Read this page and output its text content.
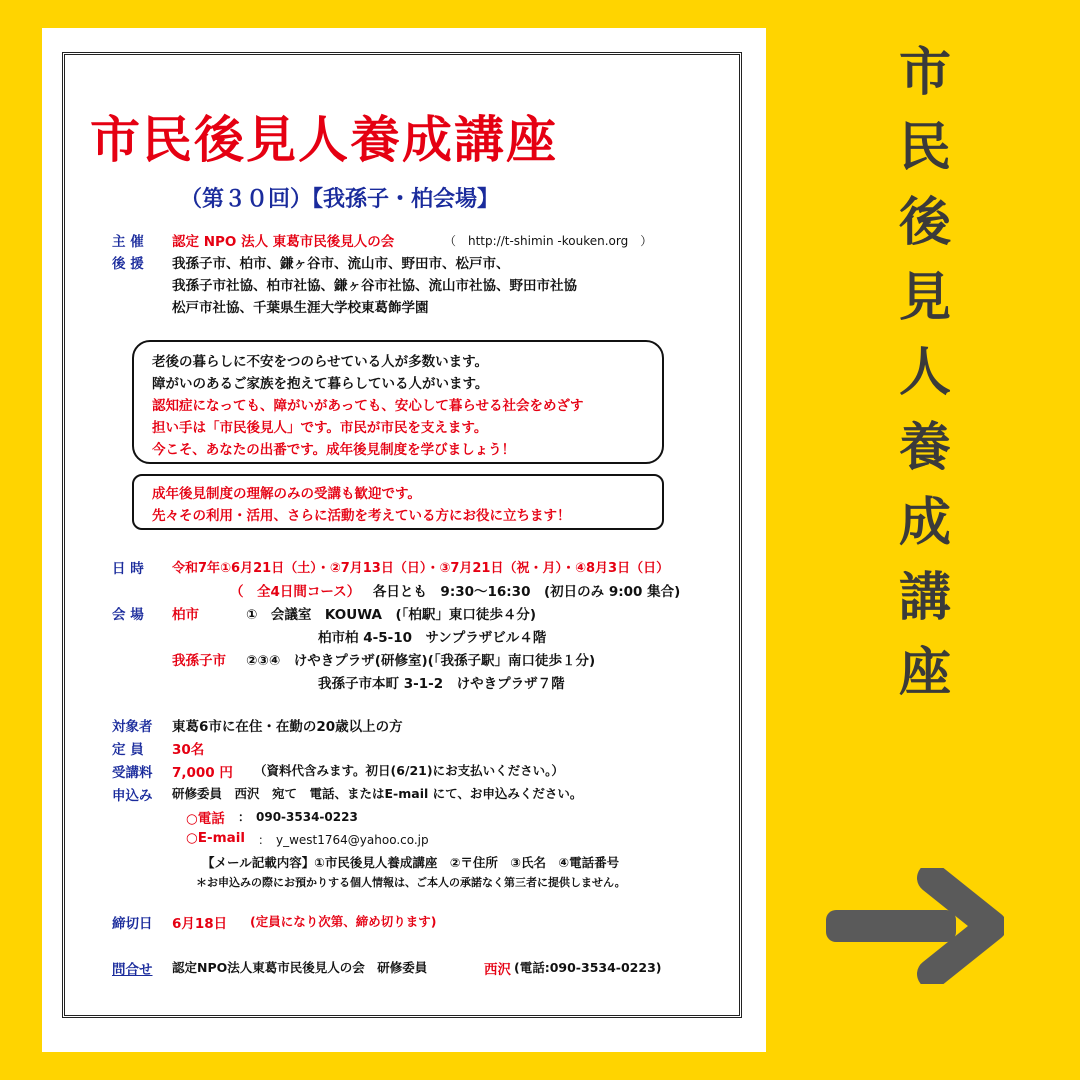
市民後見人養成講座
（第３０回）【我孫子・柏会場】
主 催 認定 NPO 法人 東葛市民後見人の会	（　http://t-shimin -kouken.org　）
後 援 我孫子市、柏市、鎌ヶ谷市、流山市、野田市、松戸市、
我孫子市社協、柏市社協、鎌ヶ谷市社協、流山市社協、野田市社協
松戸市社協、千葉県生涯大学校東葛飾学園
老後の暮らしに不安をつのらせている人が多数います。
障がいのあるご家族を抱えて暮らしている人がいます。
認知症になっても、障がいがあっても、安心して暮らせる社会をめざす
担い手は「市民後見人」です。市民が市民を支えます。
今こそ、あなたの出番です。成年後見制度を学びましょう！
成年後見制度の理解のみの受講も歓迎です。
先々その利用・活用、さらに活動を考えている方にお役に立ちます！
日 時 令和7年①6月21日（土）・②7月13日（日）・③7月21日（祝・月）・④8月3日（日）
（　全4日間コース） 各日とも　9:30～16:30　(初日のみ 9:00 集合)
会 場 柏市	①　会議室　KOUWA　(「柏駅」東口徒歩４分)
柏市柏 4-5-10　サンプラザビル４階
我孫子市 ②③④　けやきプラザ(研修室)(「我孫子駅」南口徒歩１分)
我孫子市本町 3-1-2　けやきプラザ７階
対象者 東葛6市に在住・在勤の20歳以上の方
定 員 30名
受講料 7,000 円 （資料代含みます。初日(6/21)にお支払いください。）
申込み 研修委員　西沢　宛て　電話、またはE-mail にて、お申込みください。
○電話 ：　090-3534-0223
○E-mail ：　y_west1764@yahoo.co.jp
【メール記載内容】①市民後見人養成講座　②〒住所　③氏名　④電話番号
＊お申込みの際にお預かりする個人情報は、ご本人の承諾なく第三者に提供しません。
締切日 6月18日 (定員になり次第、締め切ります)
問合せ 認定NPO法人東葛市民後見人の会　研修委員	西沢 (電話:090-3534-0223)
市
民
後
見
人
養
成
講
座
